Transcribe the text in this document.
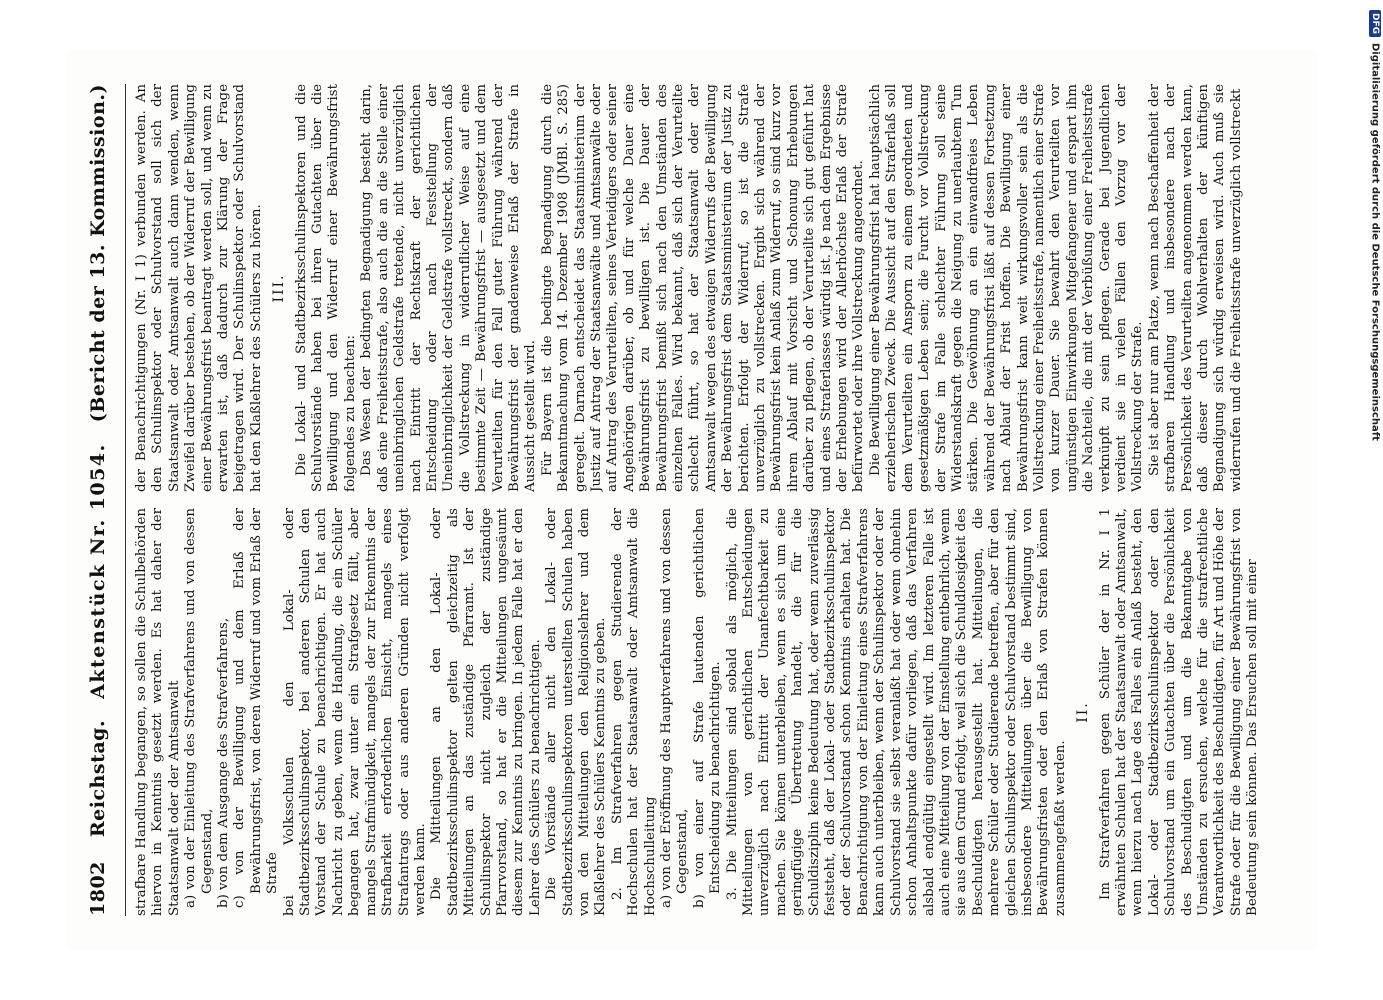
1802
Reichstag.
Aktenstück Nr. 1054.
(Bericht der 13. Kommission.)

strafbare Handlung begangen, so sollen die Schulbehörden hiervon in Kenntnis gesetzt werden. Es hat daher der Staatsanwalt oder der Amtsanwalt a) von der Einleitung des Strafverfahrens und von dessen Gegenstand, b) von dem Ausgange des Strafverfahrens, c) von der Bewilligung und dem Erlaß der Bewährungsfrist, von deren Widerruf und vom Erlaß der Strafe bei Volksschulen den Lokal- oder Stadtbezirksschulinspektor, bei anderen Schulen den Vorstand der Schule zu benachrichtigen. Er hat auch Nachricht zu geben, wenn die Handlung, die ein Schüler begangen hat, zwar unter ein Strafgesetz fällt, aber mangels Strafmündigkeit, mangels der zur Erkenntnis der Strafbarkeit erforderlichen Einsicht, mangels eines Strafantrags oder aus anderen Gründen nicht verfolgt werden kann. Die Mitteilungen an den Lokal- oder Stadtbezirksschulinspektor gelten gleichzeitig als Mitteilungen an das zuständige Pfarramt. Ist der Schulinspektor nicht zugleich der zuständige Pfarrvorstand, so hat er die Mitteilungen ungesäumt diesem zur Kenntnis zu bringen. In jedem Falle hat er den Lehrer des Schülers zu benachrichtigen. Die Vorstände aller nicht den Lokal- oder Stadtbezirksschulinspektoren unterstellten Schulen haben von den Mitteilungen den Religionslehrer und dem Klaßlehrer des Schülers Kenntnis zu geben. 2. Im Strafverfahren gegen Studierende der Hochschulen hat der Staatsanwalt oder Amtsanwalt die Hochschulleitung a) von der Eröffnung des Hauptverfahrens und von dessen Gegenstand, b) von einer auf Strafe lautenden gerichtlichen Entscheidung zu benachrichtigen. 3. Die Mitteilungen sind sobald als möglich, die Mitteilungen von gerichtlichen Entscheidungen unverzüglich nach Eintritt der Unanfechtbarkeit zu machen. Sie können unterbleiben, wenn es sich um eine geringfügige Übertretung handelt, die für die Schuldisziplin keine Bedeutung hat, oder wenn zuverlässig feststeht, daß der Lokal- oder Stadtbezirksschulinspektor oder der Schulvorstand schon Kenntnis erhalten hat. Die Benachrichtigung von der Einleitung eines Strafverfahrens kann auch unterbleiben, wenn der Schulinspektor oder der Schulvorstand sie selbst veranlaßt hat oder wenn ohnehin schon Anhaltspunkte dafür vorliegen, daß das Verfahren alsbald endgültig eingestellt wird. Im letzteren Falle ist auch eine Mitteilung von der Einstellung entbehrlich, wenn sie aus dem Grund erfolgt, weil sich die Schuldlosigkeit des Beschuldigten herausgestellt hat. Mitteilungen, die mehrere Schüler oder Studierende betreffen, aber für den gleichen Schulinspektor oder Schulvorstand bestimmt sind, insbesondere Mitteilungen über die Bewilligung von Bewährungsfristen oder den Erlaß von Strafen können zusammengefaßt werden.

II. Im Strafverfahren gegen Schüler der in Nr. I 1 erwähnten Schulen hat der Staatsanwalt oder Amtsanwalt, wenn hierzu nach Lage des Falles ein Anlaß besteht, den Lokal- oder Stadtbezirksschulinspektor oder den Schulvorstand um ein Gutachten über die Persönlichkeit des Beschuldigten und um die Bekanntgabe von Umständen zu ersuchen, welche für die strafrechtliche Verantwortlichkeit des Beschuldigten, für Art und Höhe der Strafe oder für die Bewilligung einer Bewährungsfrist von Bedeutung sein können. Das Ersuchen soll mit einer

der Benachrichtigungen (Nr. I 1) verbunden werden. An den Schulinspektor oder Schulvorstand soll sich der Staatsanwalt oder Amtsanwalt auch dann wenden, wenn Zweifel darüber bestehen, ob der Widerruf der Bewilligung einer Bewährungsfrist beantragt werden soll, und wenn zu erwarten ist, daß dadurch zur Klärung der Frage beigetragen wird. Der Schulinspektor oder Schulvorstand hat den Klaßlehrer des Schülers zu hören. III. Die Lokal- und Stadtbezirksschulinspektoren und die Schulvorstände haben bei ihren Gutachten über die Bewilligung und den Widerruf einer Bewährungsfrist folgendes zu beachten: Das Wesen der bedingten Begnadigung besteht darin, daß eine Freiheitsstrafe, also auch die an die Stelle einer uneinbringlichen Geldstrafe tretende, nicht unverzüglich nach Eintritt der Rechtskraft der gerichtlichen Entscheidung oder nach Feststellung der Uneinbringlichkeit der Geldstrafe vollstreckt, sondern daß die Vollstreckung in widerruflicher Weise auf eine bestimmte Zeit — Bewährungsfrist — ausgesetzt und dem Verurteilten für den Fall guter Führung während der Bewährungsfrist der gnadenweise Erlaß der Strafe in Aussicht gestellt wird. Für Bayern ist die bedingte Begnadigung durch die Bekanntmachung vom 14. Dezember 1908 (JMBl. S. 285) geregelt. Darnach entscheidet das Staatsministerium der Justiz auf Antrag der Staatsanwälte und Amtsanwälte oder auf Antrag des Verurteilten, seines Verteidigers oder seiner Angehörigen darüber, ob und für welche Dauer eine Bewährungsfrist zu bewilligen ist. Die Dauer der Bewährungsfrist bemißt sich nach den Umständen des einzelnen Falles. Wird bekannt, daß sich der Verurteilte schlecht führt, so hat der Staatsanwalt oder der Amtsanwalt wegen des etwaigen Widerrufs der Bewilligung der Bewährungsfrist dem Staatsministerium der Justiz zu berichten. Erfolgt der Widerruf, so ist die Strafe unverzüglich zu vollstrecken. Ergibt sich während der Bewährungsfrist kein Anlaß zum Widerruf, so sind kurz vor ihrem Ablauf mit Vorsicht und Schonung Erhebungen darüber zu pflegen, ob der Verurteilte sich gut geführt hat und eines Straferlasses würdig ist. Je nach dem Ergebnisse der Erhebungen wird der Allerhöchste Erlaß der Strafe befürwortet oder ihre Vollstreckung angeordnet. Die Bewilligung einer Bewährungsfrist hat hauptsächlich erzieherischen Zweck. Die Aussicht auf den Straferlaß soll dem Verurteilten ein Ansporn zu einem geordneten und gesetzmäßigen Leben sein; die Furcht vor Vollstreckung der Strafe im Falle schlechter Führung soll seine Widerstandskraft gegen die Neigung zu unerlaubtem Tun stärken. Die Gewöhnung an ein einwandfreies Leben während der Bewährungsfrist läßt auf dessen Fortsetzung nach Ablauf der Frist hoffen. Die Bewilligung einer Bewährungsfrist kann weit wirkungsvoller sein als die Vollstreckung einer Freiheitsstrafe, namentlich einer Strafe von kurzer Dauer. Sie bewahrt den Verurteilten vor ungünstigen Einwirkungen Mitgefangener und erspart ihm die Nachteile, die mit der Verbüßung einer Freiheitsstrafe verknüpft zu sein pflegen. Gerade bei Jugendlichen verdient sie in vielen Fällen den Vorzug vor der Vollstreckung der Strafe. Sie ist aber nur am Platze, wenn nach Beschaffenheit der strafbaren Handlung und insbesondere nach der Persönlichkeit des Verurteilten angenommen werden kann, daß dieser durch Wohlverhalten der künftigen Begnadigung sich würdig erweisen wird. Auch muß sie widerrufen und die Freiheitsstrafe unverzüglich vollstreckt

DFG
Digitalisierung gefördert durch die Deutsche Forschungsgemeinschaft
